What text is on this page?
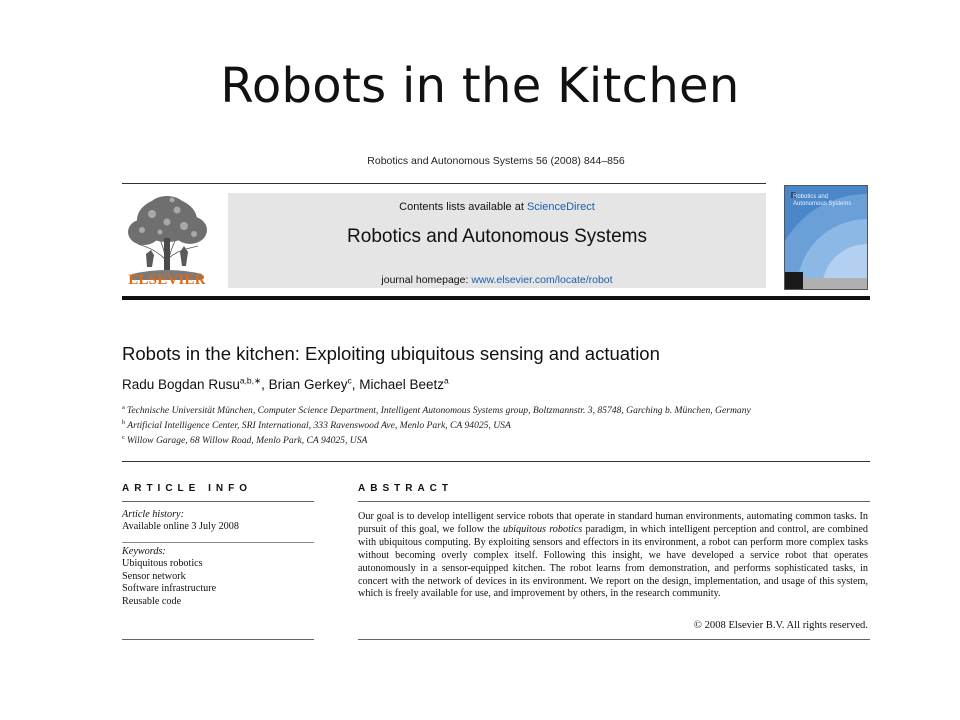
Robots in the Kitchen
Robotics and Autonomous Systems 56 (2008) 844–856
ELSEVIER
Contents lists available at ScienceDirect
Robotics and Autonomous Systems
journal homepage: www.elsevier.com/locate/robot
Robotics and
Autonomous Systems
Robots in the kitchen: Exploiting ubiquitous sensing and actuation
Radu Bogdan Rusu$^{a,b,∗}$, Brian Gerkey$^c$, Michael Beetz$^a$
$^a$ Technische Universität München, Computer Science Department, Intelligent Autonomous Systems group, Boltzmannstr. 3, 85748, Garching b. München, Germany
$^b$ Artificial Intelligence Center, SRI International, 333 Ravenswood Ave, Menlo Park, CA 94025, USA
$^c$ Willow Garage, 68 Willow Road, Menlo Park, CA 94025, USA
ARTICLE INFO
Article history:
Available online 3 July 2008
Keywords:
Ubiquitous robotics
Sensor network
Software infrastructure
Reusable code
ABSTRACT
Our goal is to develop intelligent service robots that operate in standard human environments, automating common tasks. In pursuit of this goal, we follow the ubiquitous robotics paradigm, in which intelligent perception and control, are combined with ubiquitous computing. By exploiting sensors and effectors in its environment, a robot can perform more complex tasks without becoming overly complex itself. Following this insight, we have developed a service robot that operates autonomously in a sensor-equipped kitchen. The robot learns from demonstration, and performs sophisticated tasks, in concert with the network of devices in its environment. We report on the design, implementation, and usage of this system, which is freely available for use, and improvement by others, in the research community.
© 2008 Elsevier B.V. All rights reserved.
